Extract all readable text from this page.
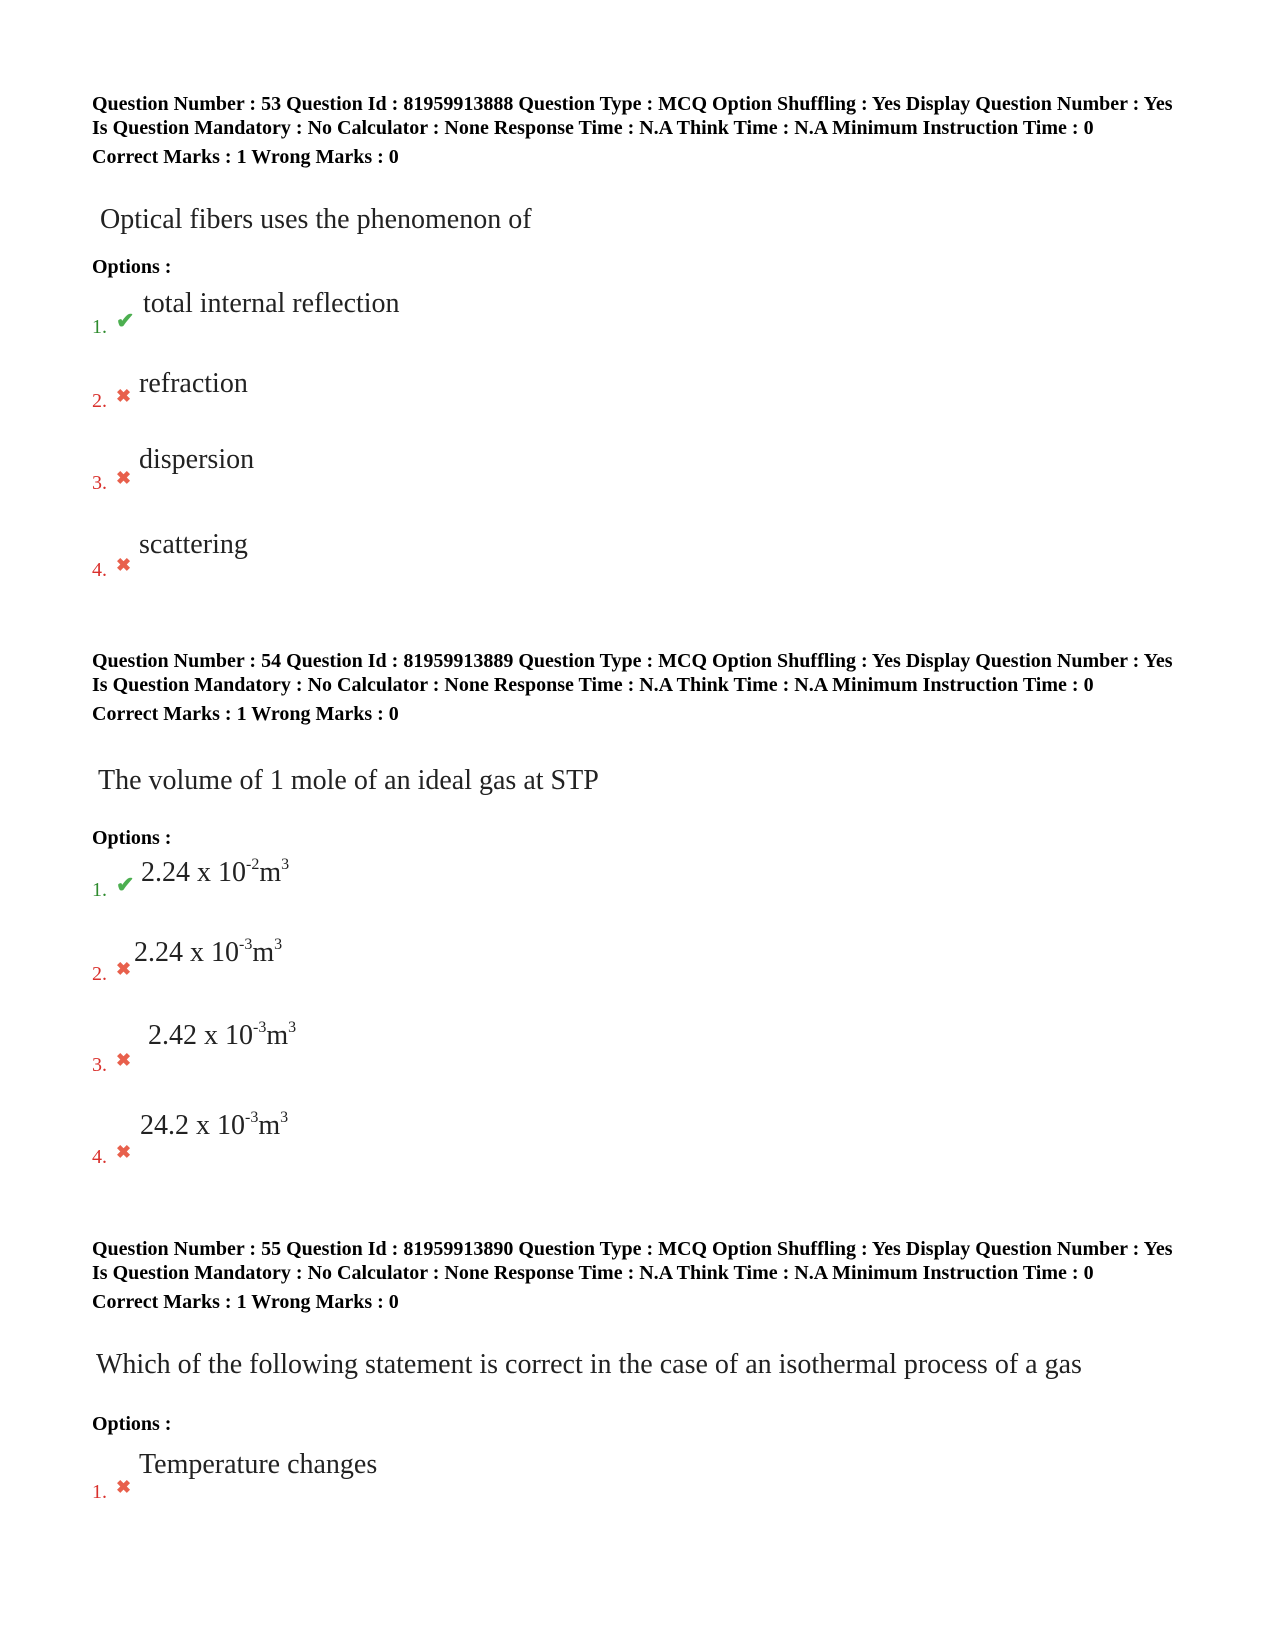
Question Number : 53 Question Id : 81959913888 Question Type : MCQ Option Shuffling : Yes Display Question Number : Yes Is Question Mandatory : No Calculator : None Response Time : N.A Think Time : N.A Minimum Instruction Time : 0

Correct Marks : 1 Wrong Marks : 0

Optical fibers uses the phenomenon of
Options :
1. ✔
total internal reflection
2. ✖ refraction
3. ✖
dispersion
4. ✖
scattering

Question Number : 54 Question Id : 81959913889 Question Type : MCQ Option Shuffling : Yes Display Question Number : Yes Is Question Mandatory : No Calculator : None Response Time : N.A Think Time : N.A Minimum Instruction Time : 0

Correct Marks : 1 Wrong Marks : 0

The volume of 1 mole of an ideal gas at STP
Options :
1. ✔ 2.24 x $10^{-2}m^3$
2. ✖
2.24 x $10^{-3}m^3$
3. ✖
2.42 x $10^{-3}m^3$
4. ✖
24.2 x $10^{-3}m^3$

Question Number : 55 Question Id : 81959913890 Question Type : MCQ Option Shuffling : Yes Display Question Number : Yes Is Question Mandatory : No Calculator : None Response Time : N.A Think Time : N.A Minimum Instruction Time : 0

Correct Marks : 1 Wrong Marks : 0

Which of the following statement is correct in the case of an isothermal process of a gas
Options :
1. ✖
Temperature changes
